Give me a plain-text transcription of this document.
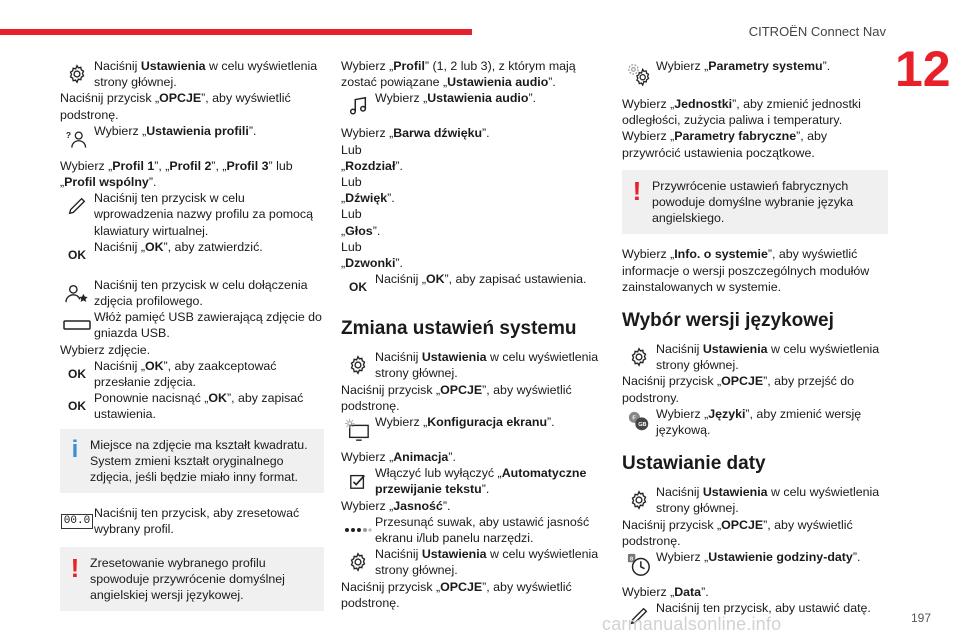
CITROËN Connect Nav
12
Naciśnij Ustawienia w celu wyświetlenia strony głównej.
Naciśnij przycisk „OPCJE”, aby wyświetlić podstronę.
? Wybierz „Ustawienia profili”.
Wybierz „Profil 1”, „Profil 2”, „Profil 3” lub „Profil wspólny”.
Naciśnij ten przycisk w celu wprowadzenia nazwy profilu za pomocą klawiatury wirtualnej.
OK
Naciśnij „OK”, aby zatwierdzić.
Naciśnij ten przycisk w celu dołączenia zdjęcia profilowego.
Włóż pamięć USB zawierającą zdjęcie do gniazda USB.
Wybierz zdjęcie.
OK
Naciśnij „OK”, aby zaakceptować przesłanie zdjęcia.
OK
Ponownie nacisnąć „OK”, aby zapisać ustawienia.
i Miejsce na zdjęcie ma kształt kwadratu. System zmieni kształt oryginalnego zdjęcia, jeśli będzie miało inny format.
00.0
Naciśnij ten przycisk, aby zresetować wybrany profil.
! Zresetowanie wybranego profilu spowoduje przywrócenie domyślnej angielskiej wersji językowej.
Wybierz „Profil” (1, 2 lub 3), z którym mają zostać powiązane „Ustawienia audio”.
Wybierz „Ustawienia audio”.
Wybierz „Barwa dźwięku”.
Lub
„Rozdział”.
Lub
„Dźwięk”.
Lub
„Głos”.
Lub
„Dzwonki”.
OK
Naciśnij „OK”, aby zapisać ustawienia.
Zmiana ustawień systemu
Naciśnij Ustawienia w celu wyświetlenia strony głównej.
Naciśnij przycisk „OPCJE”, aby wyświetlić podstronę.
Wybierz „Konfiguracja ekranu”.
Wybierz „Animacja”.
Włączyć lub wyłączyć „Automatyczne przewijanie tekstu”.
Wybierz „Jasność”.
Przesunąć suwak, aby ustawić jasność ekranu i/lub panelu narzędzi.
Naciśnij Ustawienia w celu wyświetlenia strony głównej.
Naciśnij przycisk „OPCJE”, aby wyświetlić podstronę.
Wybierz „Parametry systemu”.
Wybierz „Jednostki”, aby zmienić jednostki odległości, zużycia paliwa i temperatury.
Wybierz „Parametry fabryczne”, aby przywrócić ustawienia początkowe.
! Przywrócenie ustawień fabrycznych powoduje domyślne wybranie języka angielskiego.
Wybierz „Info. o systemie”, aby wyświetlić informacje o wersji poszczególnych modułów zainstalowanych w systemie.
Wybór wersji językowej
Naciśnij Ustawienia w celu wyświetlenia strony głównej.
Naciśnij przycisk „OPCJE”, aby przejść do podstrony.
F
GB
Wybierz „Języki”, aby zmienić wersję językową.
Ustawianie daty
Naciśnij Ustawienia w celu wyświetlenia strony głównej.
Naciśnij przycisk „OPCJE”, aby wyświetlić podstronę.
8 Wybierz „Ustawienie godziny-daty”.
Wybierz „Data”.
Naciśnij ten przycisk, aby ustawić datę.
carmanualsonline.info	197
